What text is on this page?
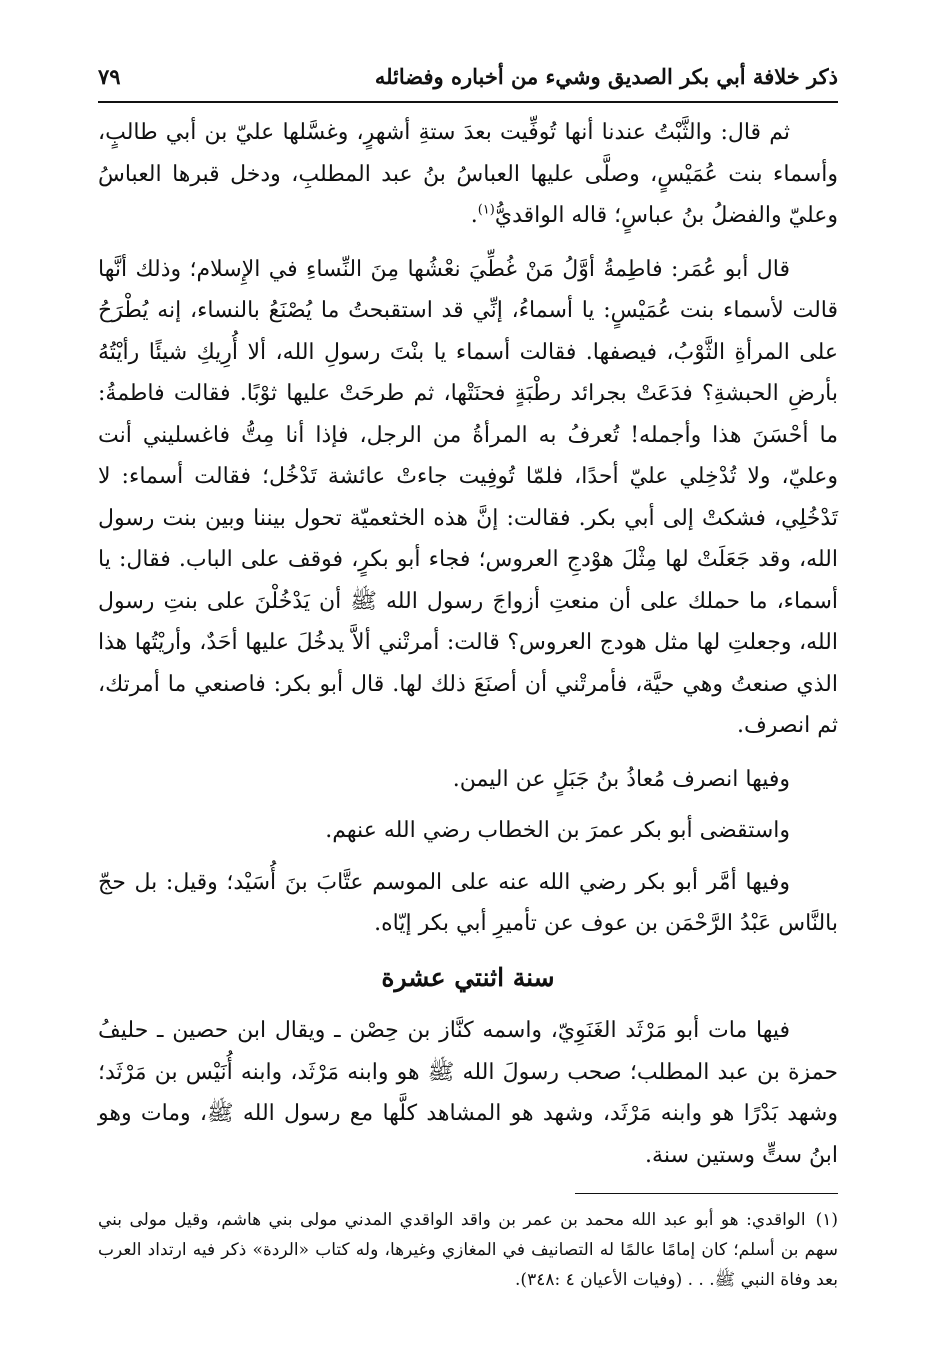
ذكر خلافة أبي بكر الصديق وشيء من أخباره وفضائله
٧٩

ثم قال: والثَّبْتُ عندنا أنها تُوفِّيت بعدَ ستةِ أشهرٍ، وغسَّلها عليّ بن أبي طالبٍ، وأسماء بنت عُمَيْسٍ، وصلَّى عليها العباسُ بنُ عبد المطلبِ، ودخل قبرها العباسُ وعليّ والفضلُ بنُ عباسٍ؛ قاله الواقديُّ$^{(١)}$.

قال أبو عُمَر: فاطِمةُ أوَّلُ مَنْ غُطِّيَ نعْشُها مِنَ النِّساءِ في الإِسلام؛ وذلك أنَّها قالت لأسماء بنت عُمَيْسٍ: يا أسماءُ، إنِّي قد استقبحتُ ما يُصْنَعُ بالنساء، إنه يُطْرَحُ على المرأةِ الثَّوْبُ، فيصفها. فقالت أسماء يا بنْتَ رسولِ الله، ألا أُرِيكِ شيئًا رأيْتُهُ بأرضِ الحبشةِ؟ فدَعَتْ بجرائد رطْبَةٍ فحنَتْها، ثم طرحَتْ عليها ثوْبًا. فقالت فاطمةُ: ما أحْسَنَ هذا وأجمله! تُعرفُ به المرأةُ من الرجل، فإذا أنا مِتُّ فاغسليني أنت وعليّ، ولا تُدْخِلي عليّ أحدًا، فلمّا تُوفِيت جاءتْ عائشة تَدْخُل؛ فقالت أسماء: لا تَدْخُلِي، فشكتْ إلى أبي بكر. فقالت: إنَّ هذه الخثعميّة تحول بيننا وبين بنت رسول الله، وقد جَعَلَتْ لها مِثْلَ هوْدجِ العروس؛ فجاء أبو بكرٍ، فوقف على الباب. فقال: يا أسماء، ما حملك على أن منعتِ أزواجَ رسول الله ﷺ أن يَدْخُلْنَ على بنتِ رسول الله، وجعلتِ لها مثل هودج العروس؟ قالت: أمرتْني ألاَّ يدخُلَ عليها أحَدٌ، وأريْتُها هذا الذي صنعتُ وهي حيَّة، فأمرتْني أن أصنَعَ ذلك لها. قال أبو بكر: فاصنعي ما أمرتك، ثم انصرف.

وفيها انصرف مُعاذُ بنُ جَبَلٍ عن اليمن.

واستقضى أبو بكر عمرَ بن الخطاب رضي الله عنهم.

وفيها أمَّر أبو بكر رضي الله عنه على الموسم عتَّابَ بنَ أُسَيْد؛ وقيل: بل حجّ بالنَّاس عَبْدُ الرَّحْمَن بن عوف عن تأميرِ أبي بكر إيّاه.

سنة اثنتي عشرة

فيها مات أبو مَرْثَد الغَنَوِيّ، واسمه كنَّاز بن حِصْن ـ ويقال ابن حصين ـ حليفُ حمزة بن عبد المطلب؛ صحب رسولَ الله ﷺ هو وابنه مَرْثَد، وابنه أُنَيْس بن مَرْثَد؛ وشهد بَدْرًا هو وابنه مَرْثَد، وشهد هو المشاهد كلَّها مع رسول الله ﷺ، ومات وهو ابنُ ستٍّ وستين سنة.

(١)الواقدي: هو أبو عبد الله محمد بن عمر بن واقد الواقدي المدني مولى بني هاشم، وقيل مولى بني سهم بن أسلم؛ كان إمامًا عالمًا له التصانيف في المغازي وغيرها، وله كتاب «الردة» ذكر فيه ارتداد العرب بعد وفاة النبي ﷺ. . . (وفيات الأعيان ٤ :٣٤٨).
